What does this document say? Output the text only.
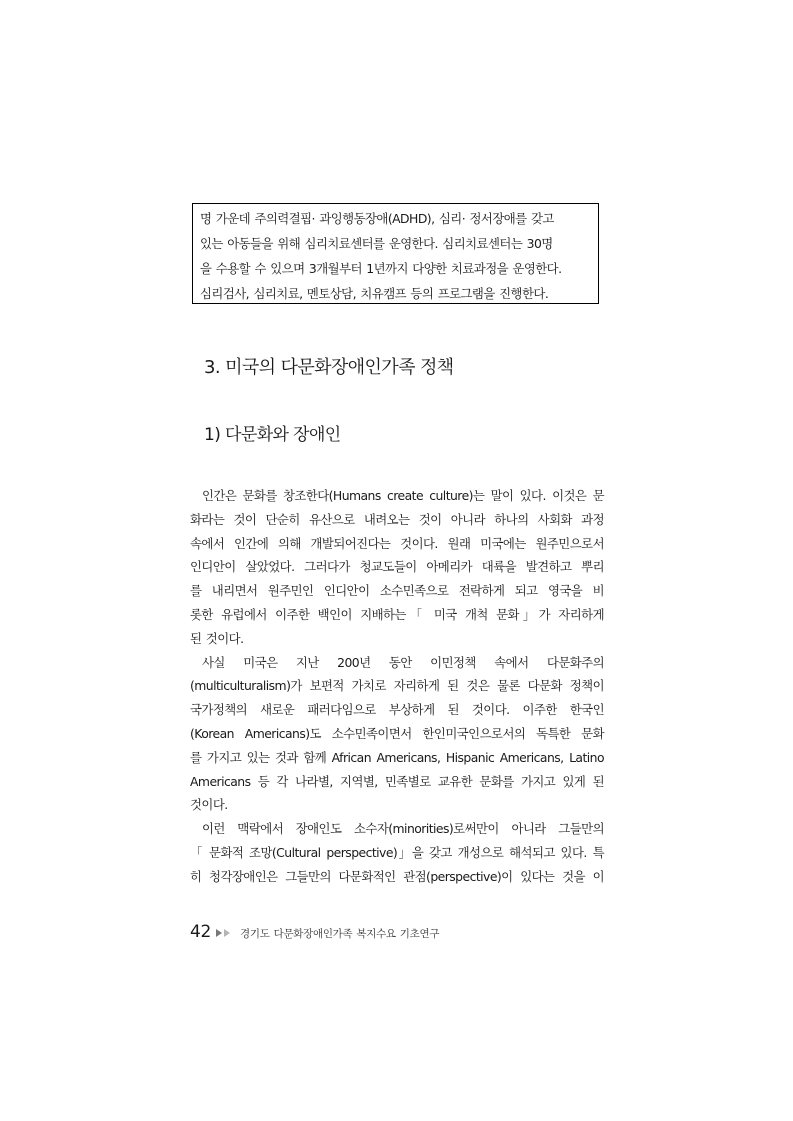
명 가운데 주의력결핍· 과잉행동장애(ADHD), 심리· 정서장애를 갖고
있는 아동들을 위해 심리치료센터를 운영한다. 심리치료센터는 30명
을 수용할 수 있으며 3개월부터 1년까지 다양한 치료과정을 운영한다.
심리검사, 심리치료, 멘토상담, 치유캠프 등의 프로그램을 진행한다.
3. 미국의 다문화장애인가족 정책
1) 다문화와 장애인
인간은 문화를 창조한다(Humans create culture)는 말이 있다. 이것은 문
화라는 것이 단순히 유산으로 내려오는 것이 아니라 하나의 사회화 과정
속에서 인간에 의해 개발되어진다는 것이다. 원래 미국에는 원주민으로서
인디안이 살았었다. 그러다가 청교도들이 아메리카 대륙을 발견하고 뿌리
를 내리면서 원주민인 인디안이 소수민족으로 전락하게 되고 영국을 비
롯한 유럽에서 이주한 백인이 지배하는「 미국 개척 문화」가 자리하게
된 것이다.
사실 미국은 지난 200년 동안 이민정책 속에서 다문화주의
(multiculturalism)가 보편적 가치로 자리하게 된 것은 물론 다문화 정책이
국가정책의 새로운 패러다임으로 부상하게 된 것이다. 이주한 한국인
(Korean Americans)도 소수민족이면서 한인미국인으로서의 독특한 문화
를 가지고 있는 것과 함께 African Americans, Hispanic Americans, Latino
Americans 등 각 나라별, 지역별, 민족별로 교유한 문화를 가지고 있게 된
것이다.
이런 맥락에서 장애인도 소수자(minorities)로써만이 아니라 그들만의
「 문화적 조망(Cultural perspective)」을 갖고 개성으로 해석되고 있다. 특
히 청각장애인은 그들만의 다문화적인 관점(perspective)이 있다는 것을 이
42	경기도 다문화장애인가족 복지수요 기초연구
